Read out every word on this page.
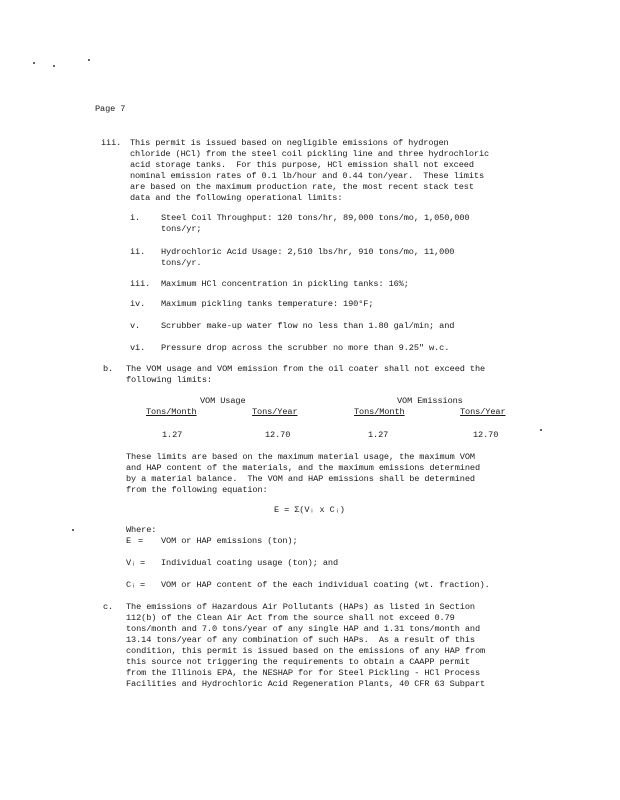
Page 7
iii. This permit is issued based on negligible emissions of hydrogen
chloride (HCl) from the steel coil pickling line and three hydrochloric
acid storage tanks.  For this purpose, HCl emission shall not exceed
nominal emission rates of 0.1 lb/hour and 0.44 ton/year.  These limits
are based on the maximum production rate, the most recent stack test
data and the following operational limits:
i. Steel Coil Throughput: 120 tons/hr, 89,000 tons/mo, 1,050,000
tons/yr;
ii. Hydrochloric Acid Usage: 2,510 lbs/hr, 910 tons/mo, 11,000
tons/yr.
iii. Maximum HCl concentration in pickling tanks: 16%;
iv. Maximum pickling tanks temperature: 190°F;
v. Scrubber make-up water flow no less than 1.80 gal/min; and
vi. Pressure drop across the scrubber no more than 9.25" w.c.
b. The VOM usage and VOM emission from the oil coater shall not exceed the
following limits:
VOM Usage	VOM Emissions
Tons/Month	Tons/Year	Tons/Month	Tons/Year
1.27	12.70	1.27	12.70
These limits are based on the maximum material usage, the maximum VOM
and HAP content of the materials, and the maximum emissions determined
by a material balance.  The VOM and HAP emissions shall be determined
from the following equation:
E = Σ(Vᵢ x Cᵢ)
Where:
E = VOM or HAP emissions (ton);
Vᵢ = Individual coating usage (ton); and
Cᵢ = VOM or HAP content of the each individual coating (wt. fraction).
c. The emissions of Hazardous Air Pollutants (HAPs) as listed in Section
112(b) of the Clean Air Act from the source shall not exceed 0.79
tons/month and 7.0 tons/year of any single HAP and 1.31 tons/month and
13.14 tons/year of any combination of such HAPs.  As a result of this
condition, this permit is issued based on the emissions of any HAP from
this source not triggering the requirements to obtain a CAAPP permit
from the Illinois EPA, the NESHAP for for Steel Pickling - HCl Process
Facilities and Hydrochloric Acid Regeneration Plants, 40 CFR 63 Subpart
